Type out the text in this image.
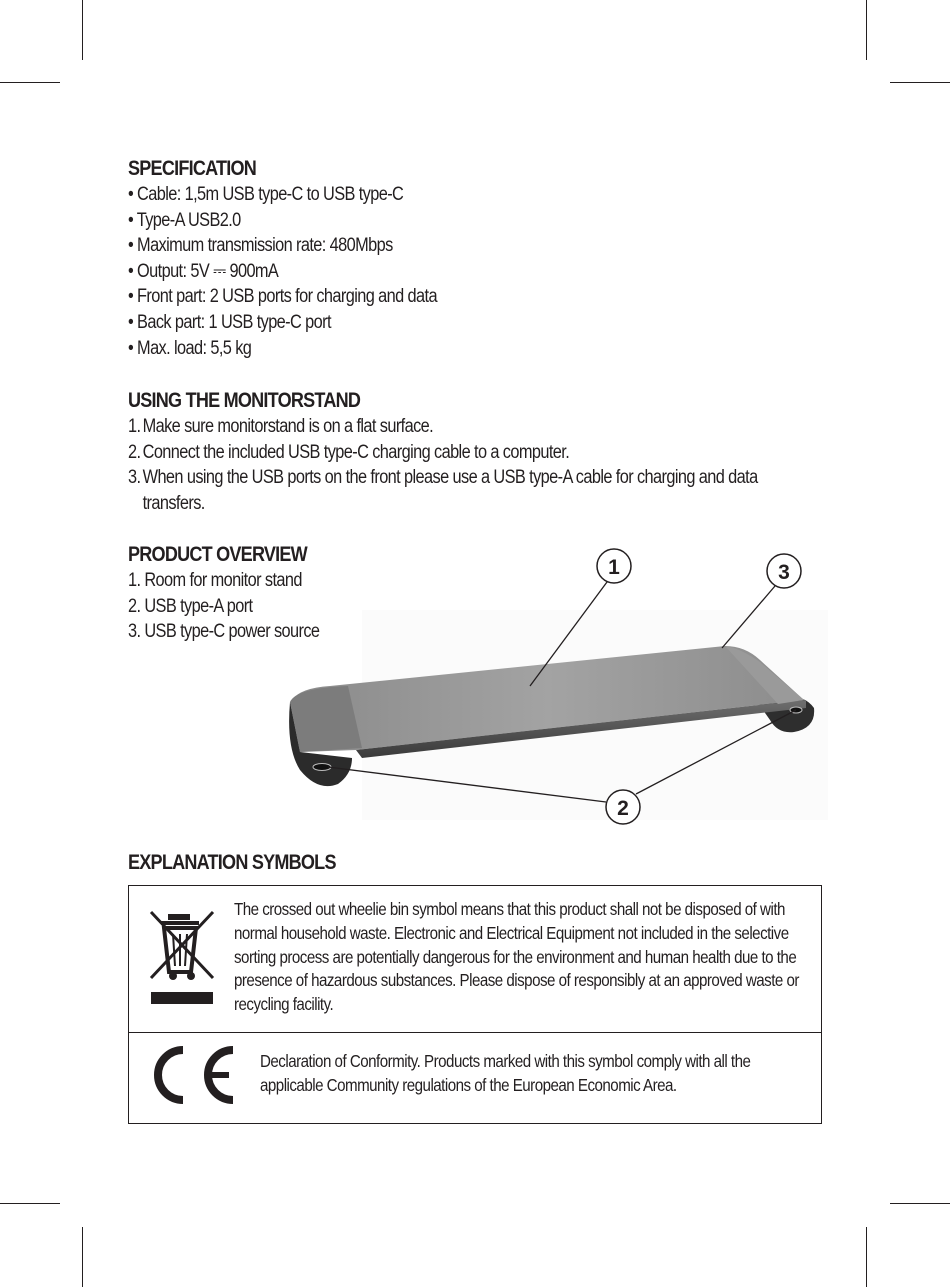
SPECIFICATION
• Cable: 1,5m USB type-C to USB type-C
• Type-A USB2.0
• Maximum transmission rate: 480Mbps
• Output: 5V ⎓ 900mA
• Front part: 2 USB ports for charging and data
• Back part: 1 USB type-C port
• Max. load: 5,5 kg
USING THE MONITORSTAND
1. Make sure monitorstand is on a flat surface.
2. Connect the included USB type-C charging cable to a computer.
3. When using the USB ports on the front please use a USB type-A cable for charging and data transfers.
PRODUCT OVERVIEW
1. Room for monitor stand
2. USB type-A port
3. USB type-C power source
1	3
2
EXPLANATION SYMBOLS
The crossed out wheelie bin symbol means that this product shall not be disposed of with normal household waste. Electronic and Electrical Equipment not included in the selective sorting process are potentially dangerous for the environment and human health due to the presence of hazardous substances. Please dispose of responsibly at an approved waste or recycling facility.
Declaration of Conformity. Products marked with this symbol comply with all the applicable Community regulations of the European Economic Area.
